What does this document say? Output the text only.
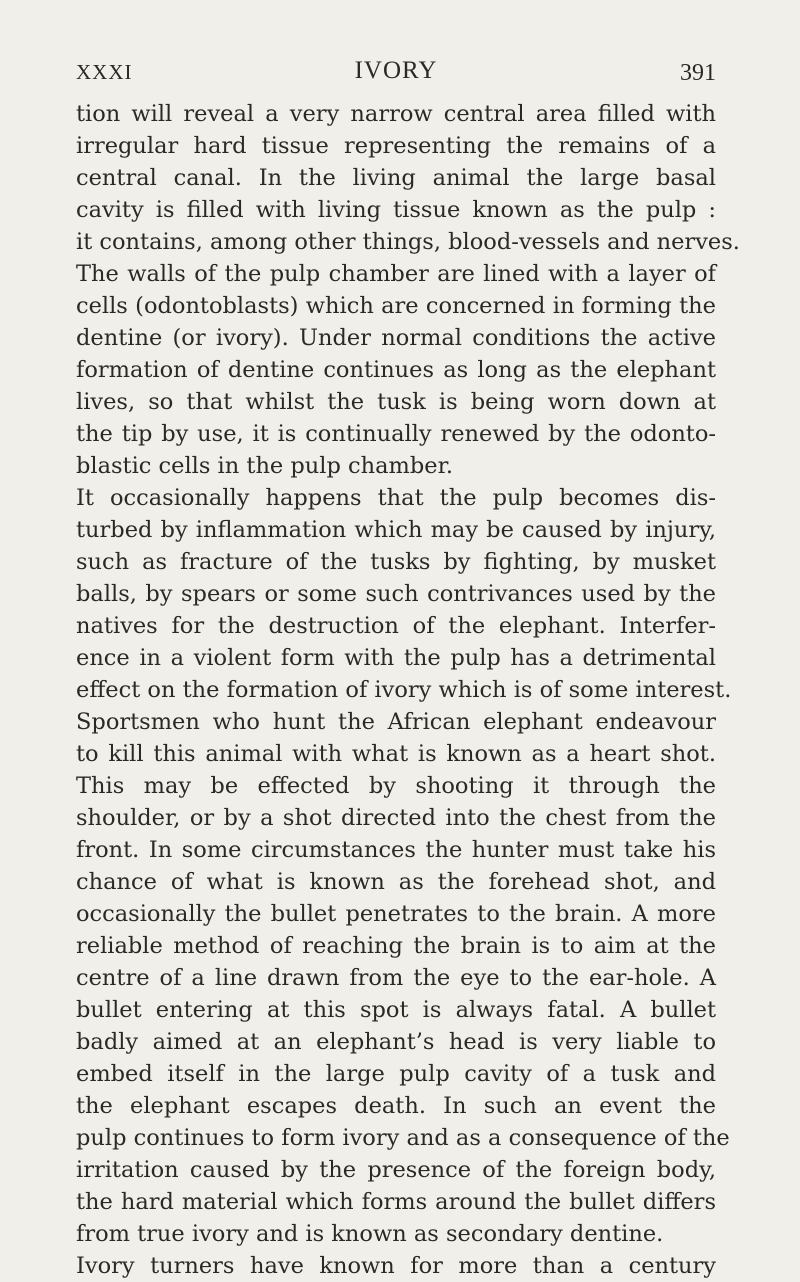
XXXI	IVORY	391
tion will reveal a very narrow central area filled with
irregular hard tissue representing the remains of a
central canal. In the living animal the large basal
cavity is filled with living tissue known as the pulp :
it contains, among other things, blood-vessels and nerves.
The walls of the pulp chamber are lined with a layer of
cells (odontoblasts) which are concerned in forming the
dentine (or ivory). Under normal conditions the active
formation of dentine continues as long as the elephant
lives, so that whilst the tusk is being worn down at
the tip by use, it is continually renewed by the odonto-
blastic cells in the pulp chamber.
It occasionally happens that the pulp becomes dis-
turbed by inflammation which may be caused by injury,
such as fracture of the tusks by fighting, by musket
balls, by spears or some such contrivances used by the
natives for the destruction of the elephant. Interfer-
ence in a violent form with the pulp has a detrimental
effect on the formation of ivory which is of some interest.
Sportsmen who hunt the African elephant endeavour
to kill this animal with what is known as a heart shot.
This may be effected by shooting it through the
shoulder, or by a shot directed into the chest from the
front. In some circumstances the hunter must take his
chance of what is known as the forehead shot, and
occasionally the bullet penetrates to the brain. A more
reliable method of reaching the brain is to aim at the
centre of a line drawn from the eye to the ear-hole. A
bullet entering at this spot is always fatal. A bullet
badly aimed at an elephant’s head is very liable to
embed itself in the large pulp cavity of a tusk and
the elephant escapes death. In such an event the
pulp continues to form ivory and as a consequence of the
irritation caused by the presence of the foreign body,
the hard material which forms around the bullet differs
from true ivory and is known as secondary dentine.
Ivory turners have known for more than a century
